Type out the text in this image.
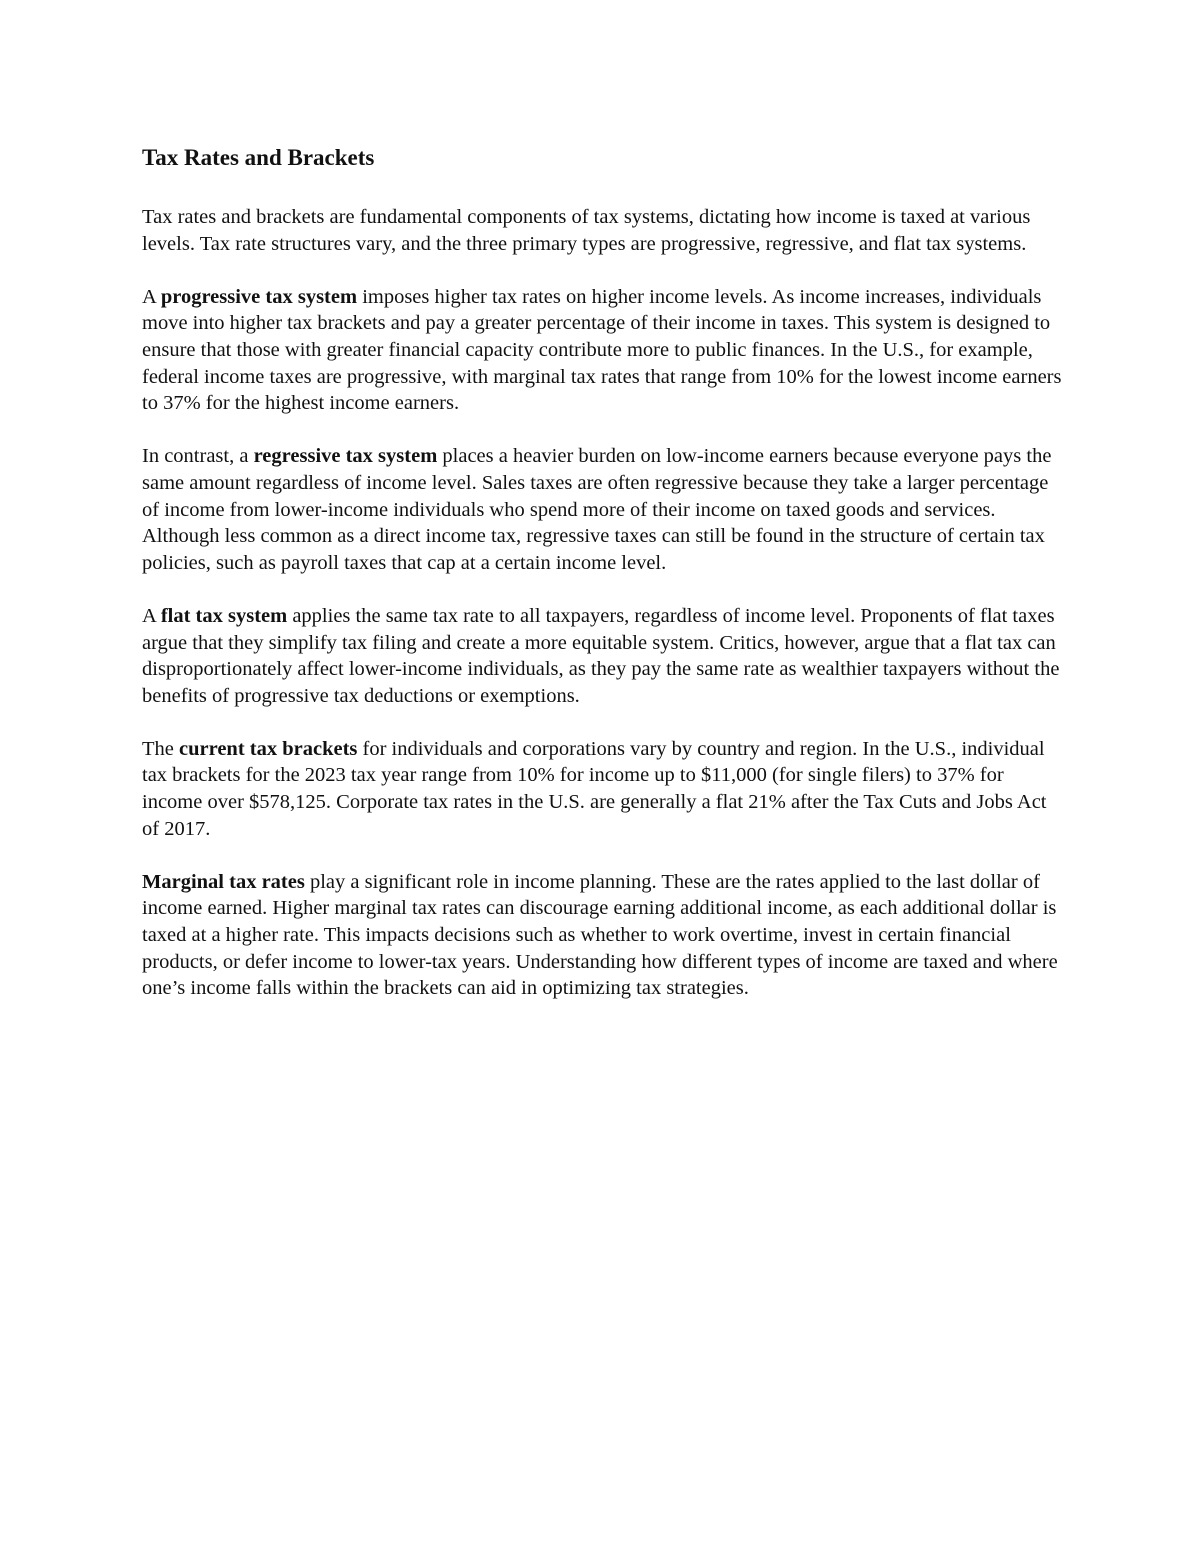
Tax Rates and Brackets

Tax rates and brackets are fundamental components of tax systems, dictating how income is taxed at various levels. Tax rate structures vary, and the three primary types are progressive, regressive, and flat tax systems.

A progressive tax system imposes higher tax rates on higher income levels. As income increases, individuals move into higher tax brackets and pay a greater percentage of their income in taxes. This system is designed to ensure that those with greater financial capacity contribute more to public finances. In the U.S., for example, federal income taxes are progressive, with marginal tax rates that range from 10% for the lowest income earners to 37% for the highest income earners.

In contrast, a regressive tax system places a heavier burden on low-income earners because everyone pays the same amount regardless of income level. Sales taxes are often regressive because they take a larger percentage of income from lower-income individuals who spend more of their income on taxed goods and services. Although less common as a direct income tax, regressive taxes can still be found in the structure of certain tax policies, such as payroll taxes that cap at a certain income level.

A flat tax system applies the same tax rate to all taxpayers, regardless of income level. Proponents of flat taxes argue that they simplify tax filing and create a more equitable system. Critics, however, argue that a flat tax can disproportionately affect lower-income individuals, as they pay the same rate as wealthier taxpayers without the benefits of progressive tax deductions or exemptions.

The current tax brackets for individuals and corporations vary by country and region. In the U.S., individual tax brackets for the 2023 tax year range from 10% for income up to $11,000 (for single filers) to 37% for income over $578,125. Corporate tax rates in the U.S. are generally a flat 21% after the Tax Cuts and Jobs Act of 2017.

Marginal tax rates play a significant role in income planning. These are the rates applied to the last dollar of income earned. Higher marginal tax rates can discourage earning additional income, as each additional dollar is taxed at a higher rate. This impacts decisions such as whether to work overtime, invest in certain financial products, or defer income to lower-tax years. Understanding how different types of income are taxed and where one’s income falls within the brackets can aid in optimizing tax strategies.
